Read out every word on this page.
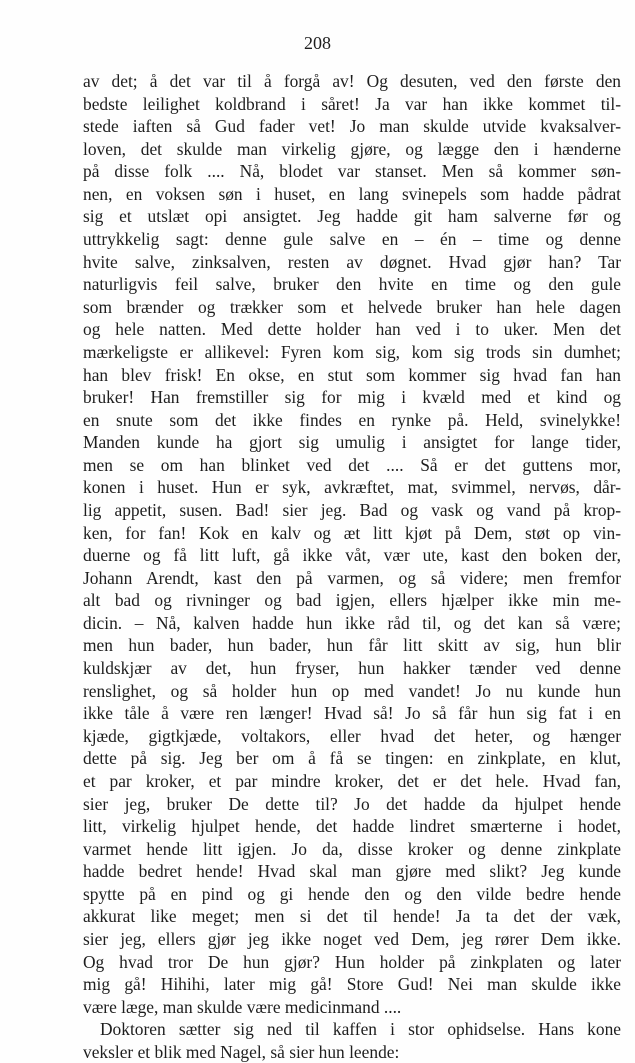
208
av det; å det var til å forgå av! Og desuten, ved den første den
bedste leilighet koldbrand i såret! Ja var han ikke kommet til-
stede iaften så Gud fader vet! Jo man skulde utvide kvaksalver-
loven, det skulde man virkelig gjøre, og lægge den i hænderne
på disse folk .... Nå, blodet var stanset. Men så kommer søn-
nen, en voksen søn i huset, en lang svinepels som hadde pådrat
sig et utslæt opi ansigtet. Jeg hadde git ham salverne før og
uttrykkelig sagt: denne gule salve en – én – time og denne
hvite salve, zinksalven, resten av døgnet. Hvad gjør han? Tar
naturligvis feil salve, bruker den hvite en time og den gule
som brænder og trækker som et helvede bruker han hele dagen
og hele natten. Med dette holder han ved i to uker. Men det
mærkeligste er allikevel: Fyren kom sig, kom sig trods sin dumhet;
han blev frisk! En okse, en stut som kommer sig hvad fan han
bruker! Han fremstiller sig for mig i kvæld med et kind og
en snute som det ikke findes en rynke på. Held, svinelykke!
Manden kunde ha gjort sig umulig i ansigtet for lange tider,
men se om han blinket ved det .... Så er det guttens mor,
konen i huset. Hun er syk, avkræftet, mat, svimmel, nervøs, dår-
lig appetit, susen. Bad! sier jeg. Bad og vask og vand på krop-
ken, for fan! Kok en kalv og æt litt kjøt på Dem, støt op vin-
duerne og få litt luft, gå ikke våt, vær ute, kast den boken der,
Johann Arendt, kast den på varmen, og så videre; men fremfor
alt bad og rivninger og bad igjen, ellers hjælper ikke min me-
dicin. – Nå, kalven hadde hun ikke råd til, og det kan så være;
men hun bader, hun bader, hun får litt skitt av sig, hun blir
kuldskjær av det, hun fryser, hun hakker tænder ved denne
renslighet, og så holder hun op med vandet! Jo nu kunde hun
ikke tåle å være ren længer! Hvad så! Jo så får hun sig fat i en
kjæde, gigtkjæde, voltakors, eller hvad det heter, og hænger
dette på sig. Jeg ber om å få se tingen: en zinkplate, en klut,
et par kroker, et par mindre kroker, det er det hele. Hvad fan,
sier jeg, bruker De dette til? Jo det hadde da hjulpet hende
litt, virkelig hjulpet hende, det hadde lindret smærterne i hodet,
varmet hende litt igjen. Jo da, disse kroker og denne zinkplate
hadde bedret hende! Hvad skal man gjøre med slikt? Jeg kunde
spytte på en pind og gi hende den og den vilde bedre hende
akkurat like meget; men si det til hende! Ja ta det der væk,
sier jeg, ellers gjør jeg ikke noget ved Dem, jeg rører Dem ikke.
Og hvad tror De hun gjør? Hun holder på zinkplaten og later
mig gå! Hihihi, later mig gå! Store Gud! Nei man skulde ikke
være læge, man skulde være medicinmand ....
Doktoren sætter sig ned til kaffen i stor ophidselse. Hans kone
veksler et blik med Nagel, så sier hun leende:
